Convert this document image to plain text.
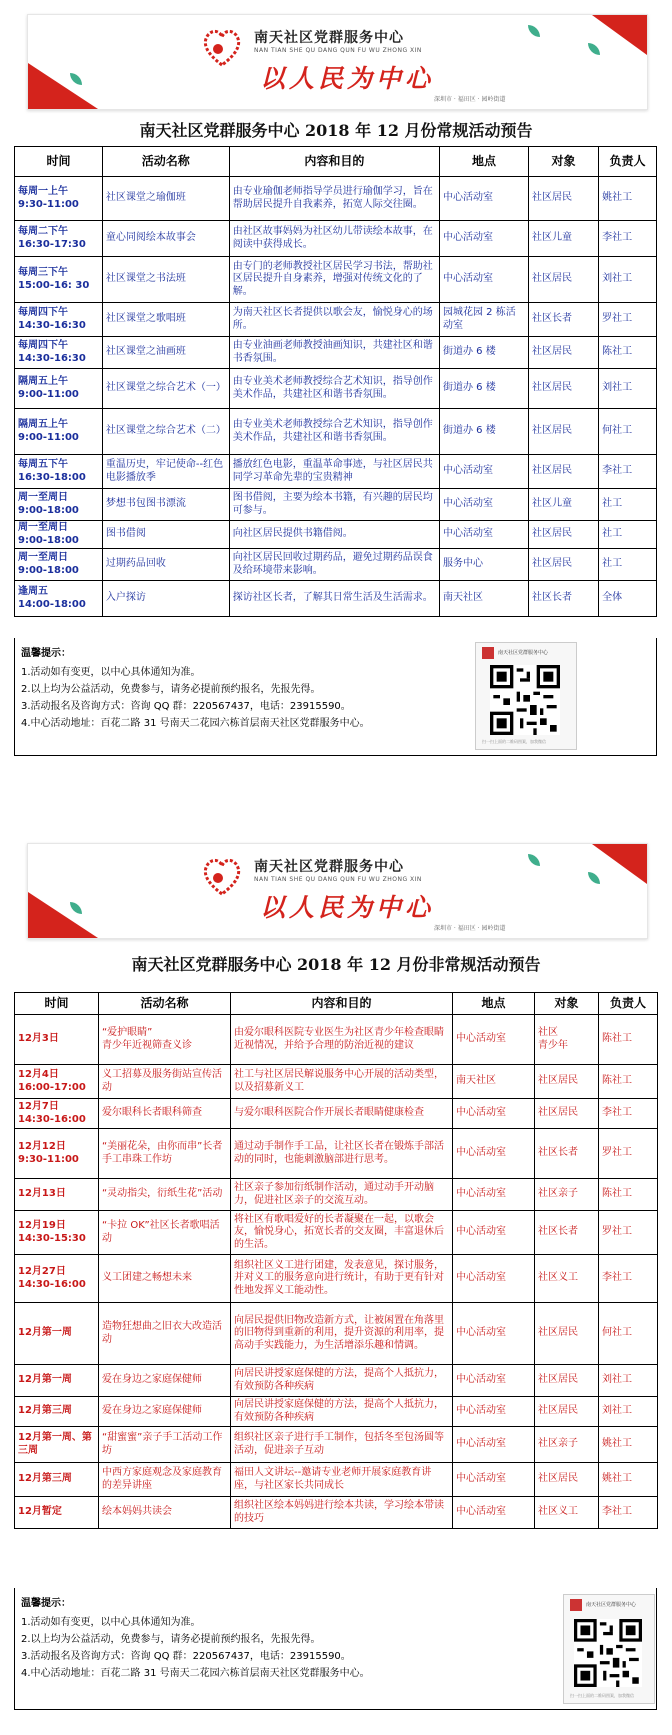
南天社区党群服务中心
NAN TIAN SHE QU DANG QUN FU WU ZHONG XIN
以人民为中心
深圳市 · 福田区 · 园岭街道
南天社区党群服务中心 2018 年 12 月份常规活动预告
时间	活动名称	内容和目的	地点	对象	负责人
每周一上午
9:30-11:00	社区课堂之瑜伽班	由专业瑜伽老师指导学员进行瑜伽学习，旨在帮助居民提升自我素养，拓宽人际交往圈。	中心活动室	社区居民	姚社工
每周二下午
16:30-17:30	童心同阅绘本故事会	由社区故事妈妈为社区幼儿带读绘本故事，在阅读中获得成长。	中心活动室	社区儿童	李社工
每周三下午
15:00-16: 30	社区课堂之书法班	由专门的老师教授社区居民学习书法，帮助社区居民提升自身素养，增强对传统文化的了解。	中心活动室	社区居民	刘社工
每周四下午
14:30-16:30	社区课堂之歌唱班	为南天社区长者提供以歌会友，愉悦身心的场所。	园城花园 2 栋活动室	社区长者	罗社工
每周四下午
14:30-16:30	社区课堂之油画班	由专业油画老师教授油画知识，共建社区和谐书香氛围。	街道办 6 楼	社区居民	陈社工
隔周五上午
9:00-11:00	社区课堂之综合艺术（一）	由专业美术老师教授综合艺术知识，指导创作美术作品，共建社区和谐书香氛围。	街道办 6 楼	社区居民	刘社工
隔周五上午
9:00-11:00	社区课堂之综合艺术（二）	由专业美术老师教授综合艺术知识，指导创作美术作品，共建社区和谐书香氛围。	街道办 6 楼	社区居民	何社工
每周五下午
16:30-18:00	重温历史，牢记使命--红色电影播放季	播放红色电影，重温革命事迹，与社区居民共同学习革命先辈的宝贵精神	中心活动室	社区居民	李社工
周一至周日
9:00-18:00	梦想书包图书漂流	图书借阅，主要为绘本书籍，有兴趣的居民均可参与。	中心活动室	社区儿童	社工
周一至周日
9:00-18:00	图书借阅	向社区居民提供书籍借阅。	中心活动室	社区居民	社工
周一至周日
9:00-18:00	过期药品回收	向社区居民回收过期药品，避免过期药品误食及给环境带来影响。	服务中心	社区居民	社工
逢周五
14:00-18:00	入户探访	探访社区长者，了解其日常生活及生活需求。	南天社区	社区长者	全体
温馨提示：
1.活动如有变更，以中心具体通知为准。
2.以上均为公益活动，免费参与，请务必提前预约报名，先报先得。
3.活动报名及咨询方式：咨询 QQ 群：220567437，电话：23915590。
4.中心活动地址：百花二路 31 号南天二花园六栋首层南天社区党群服务中心。
南天社区党群服务中心
扫一扫上面的二维码图案，加我微信
南天社区党群服务中心
NAN TIAN SHE QU DANG QUN FU WU ZHONG XIN
以人民为中心
深圳市 · 福田区 · 园岭街道
南天社区党群服务中心 2018 年 12 月份非常规活动预告
时间	活动名称	内容和目的	地点	对象	负责人
12月3日	“爱护眼睛”
青少年近视筛查义诊	由爱尔眼科医院专业医生为社区青少年检查眼睛近视情况，并给予合理的防治近视的建议	中心活动室	社区
青少年	陈社工
12月4日
16:00-17:00	义工招募及服务街站宣传活动	社工与社区居民解说服务中心开展的活动类型，以及招募新义工	南天社区	社区居民	陈社工
12月7日
14:30-16:00	爱尔眼科长者眼科筛查	与爱尔眼科医院合作开展长者眼睛健康检查	中心活动室	社区居民	李社工
12月12日
9:30-11:00	“美丽花朵，由你而串”长者手工串珠工作坊	通过动手制作手工品，让社区长者在锻炼手部活动的同时，也能刺激脑部进行思考。	中心活动室	社区长者	罗社工
12月13日	“灵动指尖，衍纸生花”活动	社区亲子参加衍纸制作活动，通过动手开动脑力，促进社区亲子的交流互动。	中心活动室	社区亲子	陈社工
12月19日
14:30-15:30	“卡拉 OK”社区长者歌唱活动	将社区有歌唱爱好的长者凝聚在一起，以歌会友，愉悦身心，拓宽长者的交友圈，丰富退休后的生活。	中心活动室	社区长者	罗社工
12月27日
14:30-16:00	义工团建之畅想未来	组织社区义工进行团建，发表意见，探讨服务，并对义工的服务意向进行统计，有助于更有针对性地发挥义工能动性。	中心活动室	社区义工	李社工
12月第一周	造物狂想曲之旧衣大改造活动	向居民提供旧物改造新方式，让被闲置在角落里的旧物得到重新的利用，提升资源的利用率，提高动手实践能力，为生活增添乐趣和情调。	中心活动室	社区居民	何社工
12月第一周	爱在身边之家庭保健师	向居民讲授家庭保健的方法，提高个人抵抗力，有效预防各种疾病	中心活动室	社区居民	刘社工
12月第三周	爱在身边之家庭保健师	向居民讲授家庭保健的方法，提高个人抵抗力，有效预防各种疾病	中心活动室	社区居民	刘社工
12月第一周、第三周	“甜蜜蜜”亲子手工活动工作坊	组织社区亲子进行手工制作，包括冬至包汤圆等活动，促进亲子互动	中心活动室	社区亲子	姚社工
12月第三周	中西方家庭观念及家庭教育的差异讲座	福田人文讲坛--邀请专业老师开展家庭教育讲座，与社区家长共同成长	中心活动室	社区居民	姚社工
12月暂定	绘本妈妈共读会	组织社区绘本妈妈进行绘本共读，学习绘本带读的技巧	中心活动室	社区义工	李社工
温馨提示：
1.活动如有变更，以中心具体通知为准。
2.以上均为公益活动，免费参与，请务必提前预约报名，先报先得。
3.活动报名及咨询方式：咨询 QQ 群：220567437，电话：23915590。
4.中心活动地址：百花二路 31 号南天二花园六栋首层南天社区党群服务中心。
南天社区党群服务中心
扫一扫上面的二维码图案，加我微信
